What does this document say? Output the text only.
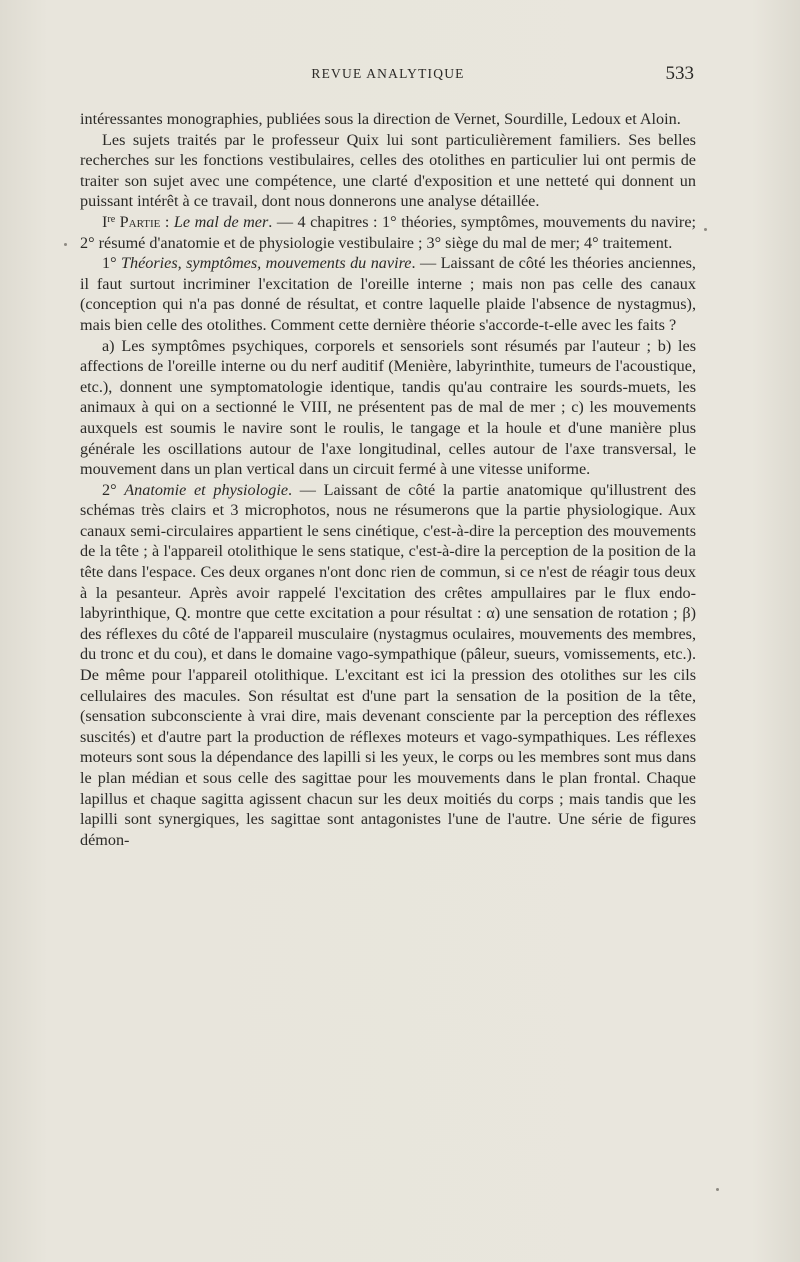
REVUE ANALYTIQUE	533

intéressantes monographies, publiées sous la direction de Vernet, Sourdille, Ledoux et Aloin.

Les sujets traités par le professeur Quix lui sont particulièrement familiers. Ses belles recherches sur les fonctions vestibulaires, celles des otolithes en particulier lui ont permis de traiter son sujet avec une compétence, une clarté d'exposition et une netteté qui donnent un puissant intérêt à ce travail, dont nous donnerons une analyse détaillée.

Ire Partie : Le mal de mer. — 4 chapitres : 1° théories, symptômes, mouvements du navire; 2° résumé d'anatomie et de physiologie vestibulaire ; 3° siège du mal de mer; 4° traitement.

1° Théories, symptômes, mouvements du navire. — Laissant de côté les théories anciennes, il faut surtout incriminer l'excitation de l'oreille interne ; mais non pas celle des canaux (conception qui n'a pas donné de résultat, et contre laquelle plaide l'absence de nystagmus), mais bien celle des otolithes. Comment cette dernière théorie s'accorde-t-elle avec les faits ?

a) Les symptômes psychiques, corporels et sensoriels sont résumés par l'auteur ; b) les affections de l'oreille interne ou du nerf auditif (Menière, labyrinthite, tumeurs de l'acoustique, etc.), donnent une symptomatologie identique, tandis qu'au contraire les sourds-muets, les animaux à qui on a sectionné le VIII, ne présentent pas de mal de mer ; c) les mouvements auxquels est soumis le navire sont le roulis, le tangage et la houle et d'une manière plus générale les oscillations autour de l'axe longitudinal, celles autour de l'axe transversal, le mouvement dans un plan vertical dans un circuit fermé à une vitesse uniforme.

2° Anatomie et physiologie. — Laissant de côté la partie anatomique qu'illustrent des schémas très clairs et 3 microphotos, nous ne résumerons que la partie physiologique. Aux canaux semi-circulaires appartient le sens cinétique, c'est-à-dire la perception des mouvements de la tête ; à l'appareil otolithique le sens statique, c'est-à-dire la perception de la position de la tête dans l'espace. Ces deux organes n'ont donc rien de commun, si ce n'est de réagir tous deux à la pesanteur. Après avoir rappelé l'excitation des crêtes ampullaires par le flux endo-labyrinthique, Q. montre que cette excitation a pour résultat : α) une sensation de rotation ; β) des réflexes du côté de l'appareil musculaire (nystagmus oculaires, mouvements des membres, du tronc et du cou), et dans le domaine vago-sympathique (pâleur, sueurs, vomissements, etc.). De même pour l'appareil otolithique. L'excitant est ici la pression des otolithes sur les cils cellulaires des macules. Son résultat est d'une part la sensation de la position de la tête, (sensation subconsciente à vrai dire, mais devenant consciente par la perception des réflexes suscités) et d'autre part la production de réflexes moteurs et vago-sympathiques. Les réflexes moteurs sont sous la dépendance des lapilli si les yeux, le corps ou les membres sont mus dans le plan médian et sous celle des sagittae pour les mouvements dans le plan frontal. Chaque lapillus et chaque sagitta agissent chacun sur les deux moitiés du corps ; mais tandis que les lapilli sont synergiques, les sagittae sont antagonistes l'une de l'autre. Une série de figures démon-
